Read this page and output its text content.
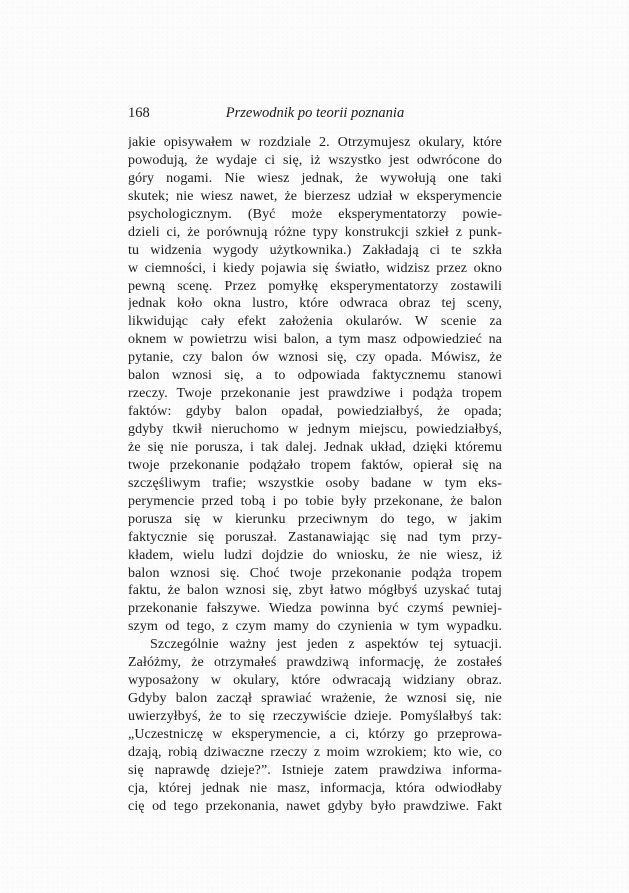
168	Przewodnik po teorii poznania
jakie opisywałem w rozdziale 2. Otrzymujesz okulary, które
powodują, że wydaje ci się, iż wszystko jest odwrócone do
góry nogami. Nie wiesz jednak, że wywołują one taki
skutek; nie wiesz nawet, że bierzesz udział w eksperymencie
psychologicznym. (Być może eksperymentatorzy powie-
dzieli ci, że porównują różne typy konstrukcji szkieł z punk-
tu widzenia wygody użytkownika.) Zakładają ci te szkła
w ciemności, i kiedy pojawia się światło, widzisz przez okno
pewną scenę. Przez pomyłkę eksperymentatorzy zostawili
jednak koło okna lustro, które odwraca obraz tej sceny,
likwidując cały efekt założenia okularów. W scenie za
oknem w powietrzu wisi balon, a tym masz odpowiedzieć na
pytanie, czy balon ów wznosi się, czy opada. Mówisz, że
balon wznosi się, a to odpowiada faktycznemu stanowi
rzeczy. Twoje przekonanie jest prawdziwe i podąża tropem
faktów: gdyby balon opadał, powiedziałbyś, że opada;
gdyby tkwił nieruchomo w jednym miejscu, powiedziałbyś,
że się nie porusza, i tak dalej. Jednak układ, dzięki któremu
twoje przekonanie podążało tropem faktów, opierał się na
szczęśliwym trafie; wszystkie osoby badane w tym eks-
perymencie przed tobą i po tobie były przekonane, że balon
porusza się w kierunku przeciwnym do tego, w jakim
faktycznie się poruszał. Zastanawiając się nad tym przy-
kładem, wielu ludzi dojdzie do wniosku, że nie wiesz, iż
balon wznosi się. Choć twoje przekonanie podąża tropem
faktu, że balon wznosi się, zbyt łatwo mógłbyś uzyskać tutaj
przekonanie fałszywe. Wiedza powinna być czymś pewniej-
szym od tego, z czym mamy do czynienia w tym wypadku.
Szczególnie ważny jest jeden z aspektów tej sytuacji.
Załóżmy, że otrzymałeś prawdziwą informację, że zostałeś
wyposażony w okulary, które odwracają widziany obraz.
Gdyby balon zaczął sprawiać wrażenie, że wznosi się, nie
uwierzyłbyś, że to się rzeczywiście dzieje. Pomyślałbyś tak:
„Uczestniczę w eksperymencie, a ci, którzy go przeprowa-
dzają, robią dziwaczne rzeczy z moim wzrokiem; kto wie, co
się naprawdę dzieje?”. Istnieje zatem prawdziwa informa-
cja, której jednak nie masz, informacja, która odwiodłaby
cię od tego przekonania, nawet gdyby było prawdziwe. Fakt
